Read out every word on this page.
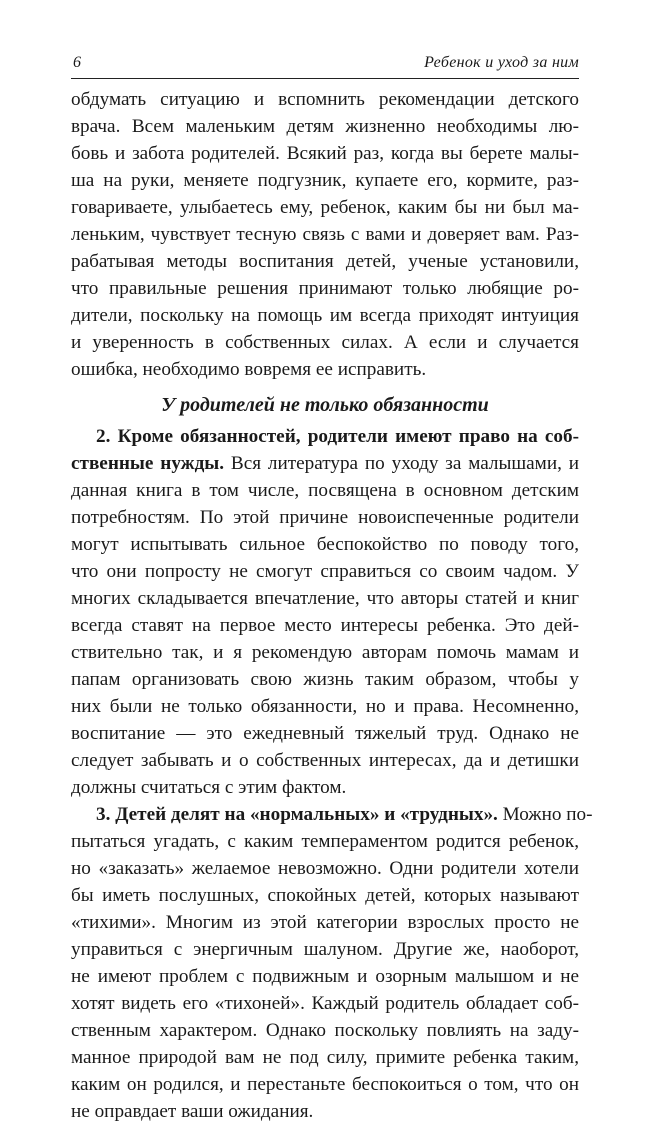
6	Ребенок и уход за ним
обдумать ситуацию и вспомнить рекомендации детского
врача. Всем маленьким детям жизненно необходимы лю-
бовь и забота родителей. Всякий раз, когда вы берете малы-
ша на руки, меняете подгузник, купаете его, кормите, раз-
говариваете, улыбаетесь ему, ребенок, каким бы ни был ма-
леньким, чувствует тесную связь с вами и доверяет вам. Раз-
рабатывая методы воспитания детей, ученые установили,
что правильные решения принимают только любящие ро-
дители, поскольку на помощь им всегда приходят интуиция
и уверенность в собственных силах. А если и случается
ошибка, необходимо вовремя ее исправить.
У родителей не только обязанности
2. Кроме обязанностей, родители имеют право на соб-
ственные нужды. Вся литература по уходу за малышами, и
данная книга в том числе, посвящена в основном детским
потребностям. По этой причине новоиспеченные родители
могут испытывать сильное беспокойство по поводу того,
что они попросту не смогут справиться со своим чадом. У
многих складывается впечатление, что авторы статей и книг
всегда ставят на первое место интересы ребенка. Это дей-
ствительно так, и я рекомендую авторам помочь мамам и
папам организовать свою жизнь таким образом, чтобы у
них были не только обязанности, но и права. Несомненно,
воспитание — это ежедневный тяжелый труд. Однако не
следует забывать и о собственных интересах, да и детишки
должны считаться с этим фактом.
3. Детей делят на «нормальных» и «трудных». Можно по-
пытаться угадать, с каким темпераментом родится ребенок,
но «заказать» желаемое невозможно. Одни родители хотели
бы иметь послушных, спокойных детей, которых называют
«тихими». Многим из этой категории взрослых просто не
управиться с энергичным шалуном. Другие же, наоборот,
не имеют проблем с подвижным и озорным малышом и не
хотят видеть его «тихоней». Каждый родитель обладает соб-
ственным характером. Однако поскольку повлиять на заду-
манное природой вам не под силу, примите ребенка таким,
каким он родился, и перестаньте беспокоиться о том, что он
не оправдает ваши ожидания.
